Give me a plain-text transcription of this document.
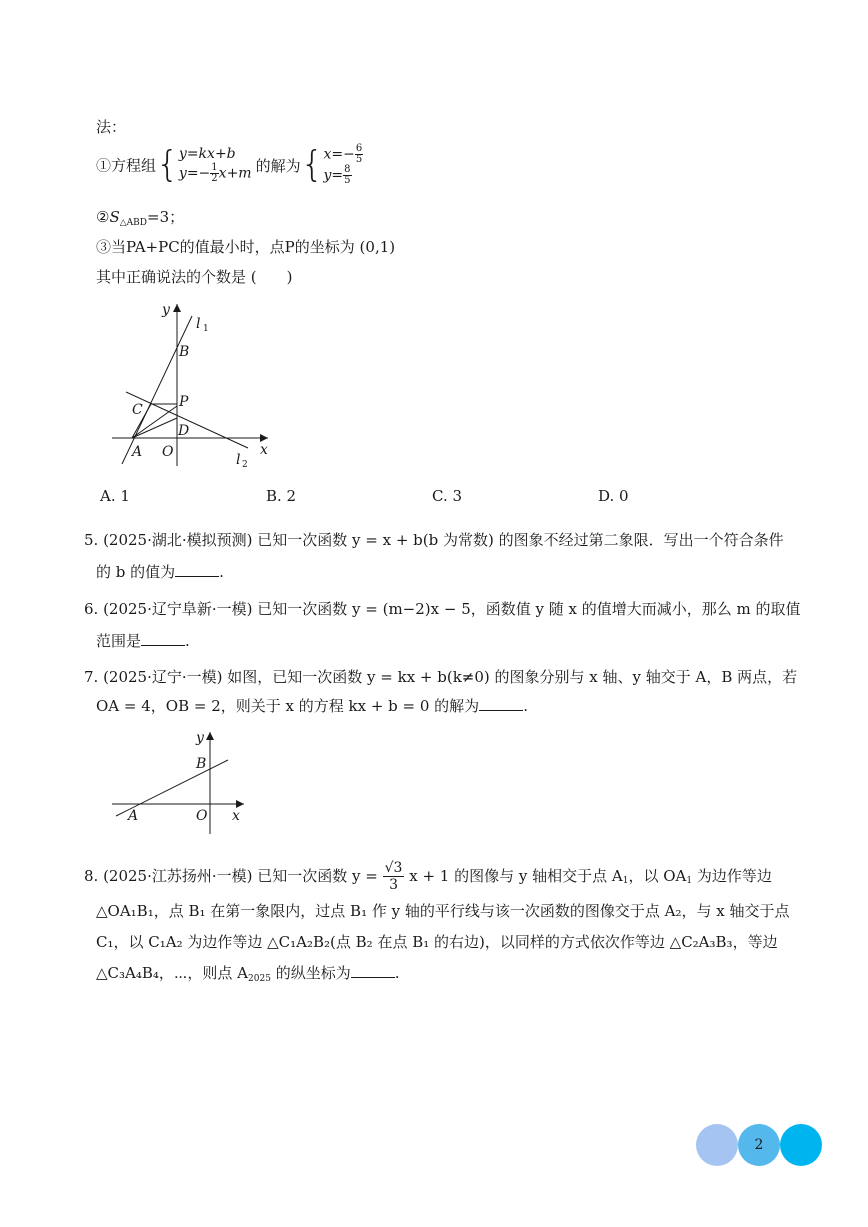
法：
①方程组{ y=kx+b
$y=- \frac{1}{2} x+m$ 的解为{ $x=- \frac{6}{5}$
$y= \frac{8}{5}$
$②S_{\triangle ABD}=3$；
③当PA+PC的值最小时，点P的坐标为 (0,1)
其中正确说法的个数是 (　　)
y
l 1
B
C	P
D
A O	x
l 2
A. 1	B. 2	C. 3	D. 0
5. (2025·湖北·模拟预测) 已知一次函数 y = x + b(b 为常数) 的图象不经过第二象限．写出一个符合条件
的 b 的值为	.
6. (2025·辽宁阜新·一模) 已知一次函数 y = (m−2)x − 5，函数值 y 随 x 的值增大而减小，那么 m 的取值
范围是	.
7. (2025·辽宁·一模) 如图，已知一次函数 y = kx + b(k≠0) 的图象分别与 x 轴、y 轴交于 A，B 两点，若
OA = 4，OB = 2，则关于 x 的方程 kx + b = 0 的解为	.
y
B
A	O x
8. (2025·江苏扬州·一模) 已知一次函数 $y = \frac{√3}{3}$ x + 1 的图像与 y 轴相交于点 $A_1$，以 $OA_1$ 为边作等边
△OA₁B₁，点 B₁ 在第一象限内，过点 B₁ 作 y 轴的平行线与该一次函数的图像交于点 A₂，与 x 轴交于点
C₁，以 C₁A₂ 为边作等边 △C₁A₂B₂(点 B₂ 在点 B₁ 的右边)，以同样的方式依次作等边 △C₂A₃B₃，等边
△C₃A₄B₄，⋯，则点 $A_{2025}$ 的纵坐标为	.
2
